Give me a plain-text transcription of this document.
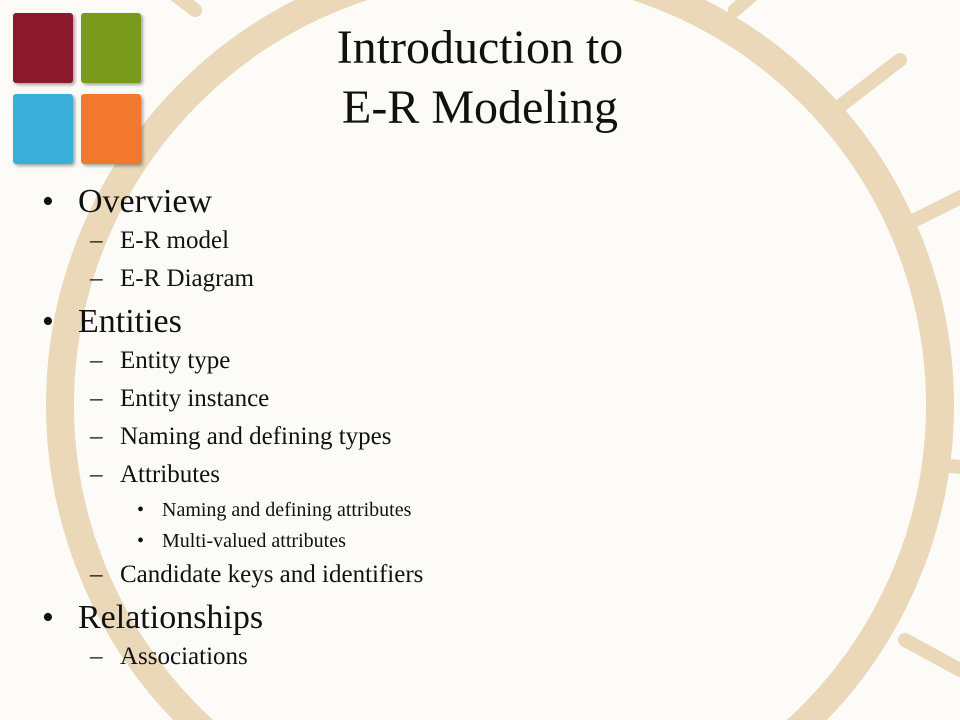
Introduction to
E-R Modeling
• Overview
– E-R model
– E-R Diagram
• Entities
– Entity type
– Entity instance
– Naming and defining types
– Attributes
• Naming and defining attributes
• Multi-valued attributes
– Candidate keys and identifiers
• Relationships
– Associations
